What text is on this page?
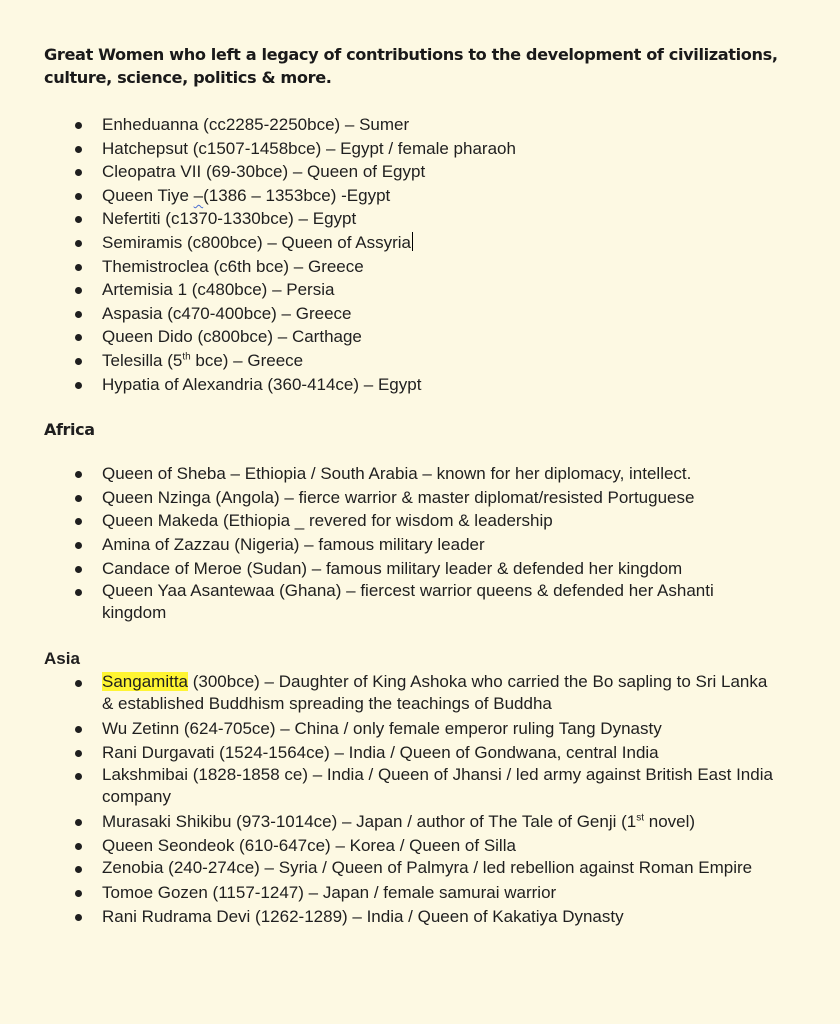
Great Women who left a legacy of contributions to the development of civilizations, culture, science, politics & more.
Enheduanna (cc2285-2250bce) – Sumer
Hatchepsut (c1507-1458bce) – Egypt / female pharaoh
Cleopatra VII (69-30bce) – Queen of Egypt
Queen Tiye –(1386 – 1353bce) -Egypt
Nefertiti (c1370-1330bce) – Egypt
Semiramis (c800bce) – Queen of Assyria
Themistroclea (c6th bce) – Greece
Artemisia 1 (c480bce) – Persia
Aspasia (c470-400bce) – Greece
Queen Dido (c800bce) – Carthage
Telesilla (5th bce) – Greece
Hypatia of Alexandria (360-414ce) – Egypt
Africa
Queen of Sheba – Ethiopia / South Arabia – known for her diplomacy, intellect.
Queen Nzinga (Angola) – fierce warrior & master diplomat/resisted Portuguese
Queen Makeda (Ethiopia _ revered for wisdom & leadership
Amina of Zazzau (Nigeria) – famous military leader
Candace of Meroe (Sudan) – famous military leader & defended her kingdom
Queen Yaa Asantewaa (Ghana) – fiercest warrior queens & defended her Ashanti kingdom
Asia
Sangamitta (300bce) – Daughter of King Ashoka who carried the Bo sapling to Sri Lanka & established Buddhism spreading the teachings of Buddha
Wu Zetinn (624-705ce) – China / only female emperor ruling Tang Dynasty
Rani Durgavati (1524-1564ce) – India / Queen of Gondwana, central India
Lakshmibai (1828-1858 ce) – India / Queen of Jhansi / led army against British East India company
Murasaki Shikibu (973-1014ce) – Japan / author of The Tale of Genji (1st novel)
Queen Seondeok (610-647ce) – Korea / Queen of Silla
Zenobia (240-274ce) – Syria / Queen of Palmyra / led rebellion against Roman Empire
Tomoe Gozen (1157-1247) – Japan / female samurai warrior
Rani Rudrama Devi (1262-1289) – India / Queen of Kakatiya Dynasty
